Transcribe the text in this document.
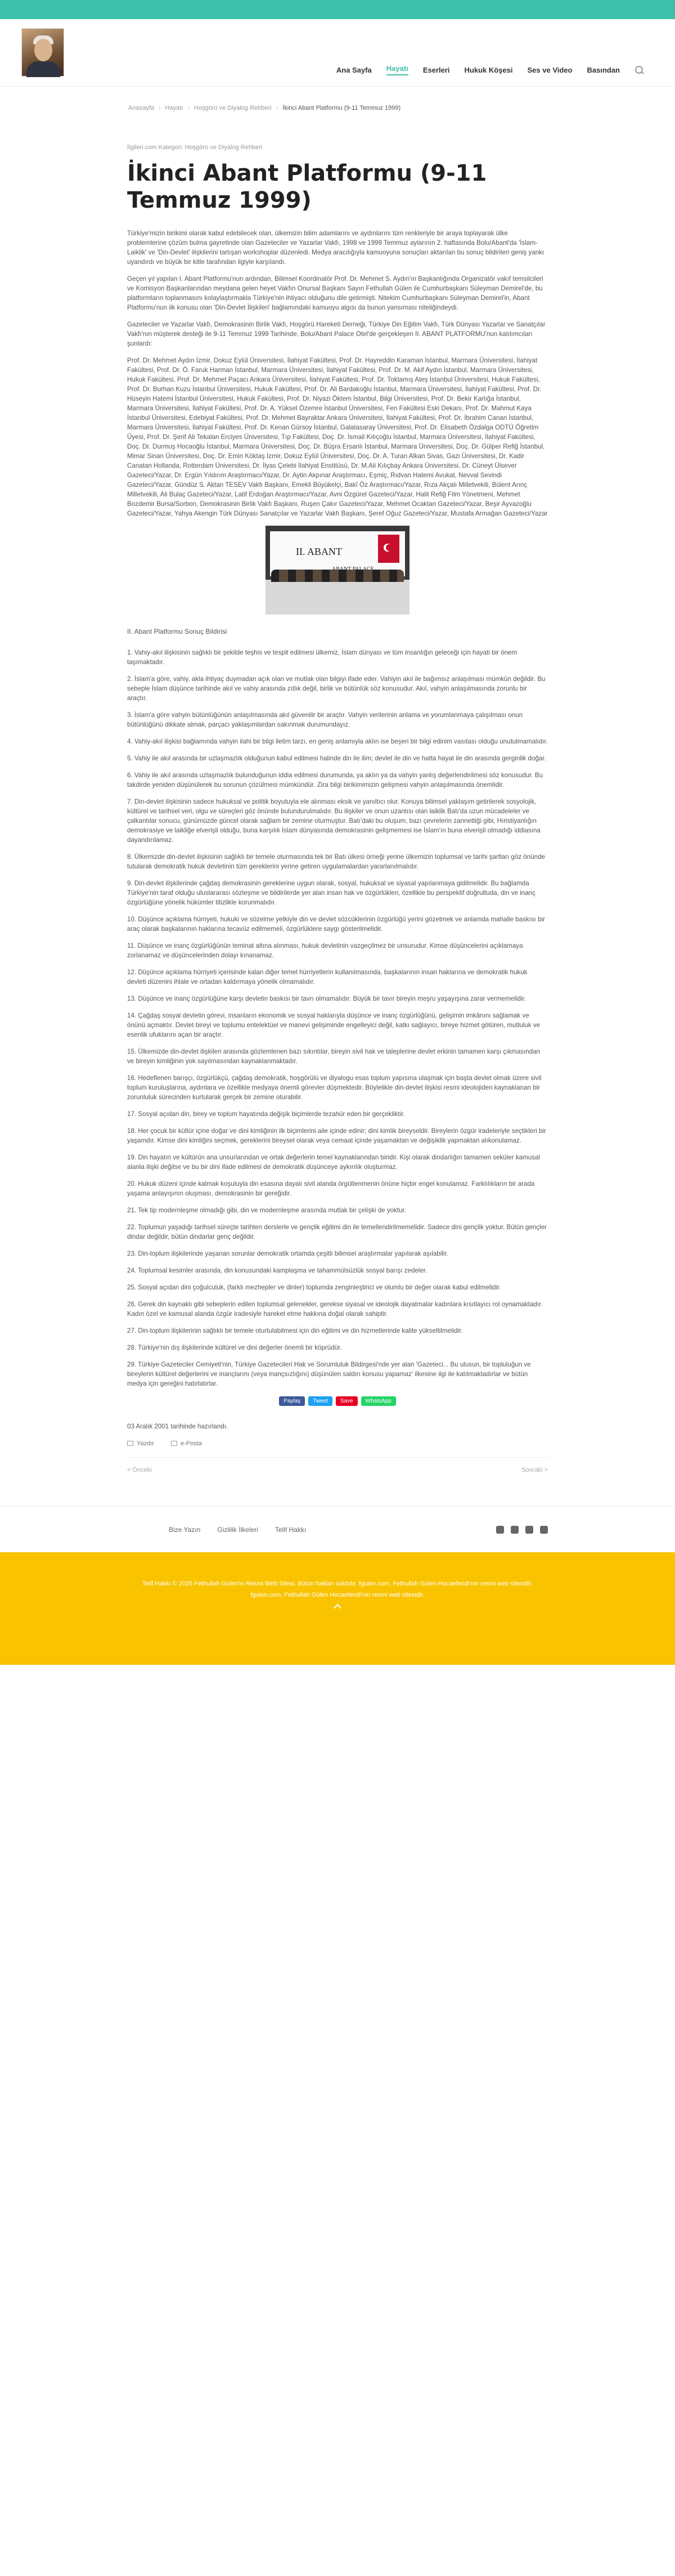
Ana Sayfa Hayatı Eserleri Hukuk Köşesi Ses ve Video Basından
Anasayfa › Hayatı › Hoşgörü ve Diyalog Rehberi › İkinci Abant Platformu (9-11 Temmuz 1999)
İlgileri.com Kategori: Hoşgörü ve Diyalog Rehberi
İkinci Abant Platformu (9-11 Temmuz 1999)

Türkiye'mizin birikimi olarak kabul edebilecek olan, ülkemizin bilim adamlarını ve aydınlarını tüm renkleriyle bir araya toplayarak ülke problemlerine çözüm bulma gayretinde olan Gazeteciler ve Yazarlar Vakfı, 1998 ve 1999 Temmuz aylarının 2. haftasında Bolu/Abant'da 'İslam-Laiklik' ve 'Din-Devlet' ilişkilerini tartışan workshoplar düzenledi. Medya aracılığıyla kamuoyuna sonuçları aktarılan bu sonuç bildirileri geniş yankı uyandırdı ve büyük bir kitle tarafından ilgiyle karşılandı.

Geçen yıl yapılan I. Abant Platformu'nun ardından, Bilimsel Koordinatör Prof. Dr. Mehmet S. Aydın'ın Başkanlığında Organizatör vakıf temsilcileri ve Komisyon Başkanlarından meydana gelen heyet Vakfın Onursal Başkanı Sayın Fethullah Gülen ile Cumhurbaşkanı Süleyman Demirel'de, bu platformların toplanmasını kolaylaştırmakla Türkiye'nin ihtiyacı olduğunu dile getirmişti. Nitekim Cumhurbaşkanı Süleyman Demirel'in, Abant Platformu'nun ilk konusu olan 'Din-Devlet İlişkileri' bağlamındaki kamuoyu algısı da bunun yansıması niteliğindeydi.

Gazeteciler ve Yazarlar Vakfı, Demokrasinin Birlik Vakfı, Hoşgörü Hareketi Derneği, Türkiye Din Eğitim Vakfı, Türk Dünyası Yazarlar ve Sanatçılar Vakfı'nın müşterek desteği ile 9-11 Temmuz 1999 Tarihinde, Bolu/Abant Palace Otel'de gerçekleşen II. ABANT PLATFORMU'nun katılımcıları şunlardı:

Prof. Dr. Mehmet Aydın İzmir, Dokuz Eylül Üniversitesi, İlahiyat Fakültesi, Prof. Dr. Hayreddin Karaman İstanbul, Marmara Üniversitesi, İlahiyat Fakültesi, Prof. Dr. Ö. Faruk Harman İstanbul, Marmara Üniversitesi, İlahiyat Fakültesi, Prof. Dr. M. Akif Aydın İstanbul, Marmara Üniversitesi, Hukuk Fakültesi, Prof. Dr. Mehmet Paçacı Ankara Üniversitesi, İlahiyat Fakültesi, Prof. Dr. Toktamış Ateş İstanbul Üniversitesi, Hukuk Fakültesi, Prof. Dr. Burhan Kuzu İstanbul Üniversitesi, Hukuk Fakültesi, Prof. Dr. Ali Bardakoğlu İstanbul, Marmara Üniversitesi, İlahiyat Fakültesi, Prof. Dr. Hüseyin Hatemi İstanbul Üniversitesi, Hukuk Fakültesi, Prof. Dr. Niyazi Öktem İstanbul, Bilgi Üniversitesi, Prof. Dr. Bekir Karlığa İstanbul, Marmara Üniversitesi, İlahiyat Fakültesi, Prof. Dr. A. Yüksel Özemre İstanbul Üniversitesi, Fen Fakültesi Eski Dekanı, Prof. Dr. Mahmut Kaya İstanbul Üniversitesi, Edebiyat Fakültesi, Prof. Dr. Mehmet Bayraktar Ankara Üniversitesi, İlahiyat Fakültesi, Prof. Dr. İbrahim Canan İstanbul, Marmara Üniversitesi, İlahiyat Fakültesi, Prof. Dr. Kenan Gürsoy İstanbul, Galatasaray Üniversitesi, Prof. Dr. Elisabeth Özdalga ODTÜ Öğretim Üyesi, Prof. Dr. Şerif Ali Tekalan Erciyes Üniversitesi, Tıp Fakültesi, Doç. Dr. İsmail Kılıçoğlu İstanbul, Marmara Üniversitesi, İlahiyat Fakültesi, Doç. Dr. Durmuş Hocaoğlu İstanbul, Marmara Üniversitesi, Doç. Dr. Büşra Ersanlı İstanbul, Marmara Üniversitesi, Doç. Dr. Gülper Refiğ İstanbul, Mimar Sinan Üniversitesi, Doç. Dr. Emin Köktaş İzmir, Dokuz Eylül Üniversitesi, Doç. Dr. A. Turan Alkan Sivas, Gazi Üniversitesi, Dr. Kadir Canatan Hollanda, Rotterdam Üniversitesi, Dr. İlyas Çelebi İlahiyat Enstitüsü, Dr. M.Ali Kılıçbay Ankara Üniversitesi, Dr. Cüneyt Ülsever Gazeteci/Yazar, Dr. Ergün Yıldırım Araştırmacı/Yazar, Dr. Aytin Akpınar Araştırmacı, Eşmiç, Rıdvan Hatemi Avukat, Nevval Sevindi Gazeteci/Yazar, Gündüz S. Aktan TESEV Vakfı Başkanı, Emekli Büyükelçi, Bakî Öz Araştırmacı/Yazar, Rıza Akçalı Milletvekili, Bülent Arınç Milletvekili, Ali Bulaç Gazeteci/Yazar, Latif Erdoğan Araştırmacı/Yazar, Avni Özgürel Gazeteci/Yazar, Halit Refiğ Film Yönetmeni, Mehmet Bozdemir Bursa/Sorbon, Demokrasinin Birlik Vakfı Başkanı, Ruşen Çakır Gazeteci/Yazar, Mehmet Ocaktan Gazeteci/Yazar, Beşir Ayvazoğlu Gazeteci/Yazar, Yahya Akengin Türk Dünyası Sanatçılar ve Yazarlar Vakfı Başkanı, Şeref Oğuz Gazeteci/Yazar, Mustafa Armağan Gazeteci/Yazar

II. ABANT

II. Abant Platformu Sonuç Bildirisi

1. Vahiy-akıl ilişkisinin sağlıklı bir şekilde teşhis ve tespit edilmesi ülkemiz, İslam dünyası ve tüm insanlığın geleceği için hayati bir önem taşımaktadır.

2. İslam'a göre, vahiy, akla ihtiyaç duymadan açık olan ve mutlak olan bilgiyi ifade eder. Vahiyin akıl ile bağımsız anlaşılması mümkün değildir. Bu sebeple İslam düşünce tarihinde akıl ve vahiy arasında zıtlık değil, birlik ve bütünlük söz konusudur. Akıl, vahyin anlaşılmasında zorunlu bir araçtır.

3. İslam'a göre vahyin bütünlüğünün anlaşılmasında akıl güvenilir bir araçtır. Vahyin verilerinin anlama ve yorumlanmaya çalışılması onun bütünlüğünü dikkate almak, parçacı yaklaşımlardan sakınmak durumundayız.

4. Vahiy-akıl ilişkisi bağlamında vahyin ilahi bir bilgi iletim tarzı, en geniş anlamıyla aklın ise beşeri bir bilgi edinim vasıtası olduğu unutulmamalıdır.

5. Vahiy ile akıl arasında bir uzlaşmazlık olduğunun kabul edilmesi halinde din ile ilim; devlet ile din ve hatta hayat ile din arasında gerginlik doğar.

6. Vahiy ile akıl arasında uzlaşmazlık bulunduğunun iddia edilmesi durumunda, ya aklın ya da vahyin yanlış değerlendirilmesi söz konusudur. Bu takdirde yeniden düşünülerek bu sorunun çözülmesi mümkündür. Zira bilgi birikimimizin gelişmesi vahyin anlaşılmasında önemlidir.

7. Din-devlet ilişkisinin sadece hukuksal ve politik boyutuyla ele alınması eksik ve yanıltıcı olur. Konuya bilimsel yaklaşım getirilerek sosyolojik, kültürel ve tarihsel veri, olgu ve süreçleri göz önünde bulundurulmalıdır. Bu ilişkiler ve onun uzantısı olan laiklik Batı'da uzun mücadeleler ve çalkantılar sonucu, günümüzde güncel olarak sağlam bir zemine oturmuştur. Batı'daki bu oluşum, bazı çevrelerin zannettiği gibi, Hıristiyanlığın demokrasiye ve laikliğe elverişli olduğu, buna karşılık İslam dünyasında demokrasinin gelişmemesi ise İslam'ın buna elverişli olmadığı iddiasına dayandırılamaz.

8. Ülkemizde din-devlet ilişkisinin sağlıklı bir temele oturmasında tek bir Batı ülkesi örneği yerine ülkemizin toplumsal ve tarihi şartları göz önünde tutularak demokratik hukuk devletinin tüm gereklerini yerine getiren uygulamalardan yararlanılmalıdır.

9. Din-devlet ilişkilerinde çağdaş demokrasinin gereklerine uygun olarak, sosyal, hukuksal ve siyasal yapılanmaya gidilmelidir. Bu bağlamda Türkiye'nin taraf olduğu uluslararası sözleşme ve bildirilerde yer alan insan hak ve özgürlükleri, özellikle bu perspektif doğrultuda, din ve inanç özgürlüğüne yönelik hükümler titizlikle korunmalıdır.

10. Düşünce açıklama hürriyeti, hukuki ve sözelme yetkiyle din ve devlet sözcüklerinin özgürlüğü yerini gözetmek ve anlamda mahalle baskısı bir araç olarak başkalarının haklarına tecavüz edilmemeli, özgürlüklere saygı gösterilmelidir.

11. Düşünce ve inanç özgürlüğünün teminat altına alınması, hukuk devletinin vazgeçilmez bir unsurudur. Kimse düşüncelerini açıklamaya zorlanamaz ve düşüncelerinden dolayı kınanamaz.

12. Düşünce açıklama hürriyeti içerisinde kalan diğer temel hürriyetlerin kullanılmasında, başkalarının insan haklarına ve demokratik hukuk devleti düzenini ihlale ve ortadan kaldırmaya yönelik olmamalıdır.

13. Düşünce ve inanç özgürlüğüne karşı devletin baskısı bir tavrı olmamalıdır. Büyük bir tavır bireyin meşru yaşayışına zarar vermemelidir.

14. Çağdaş sosyal devletin görevi, insanların ekonomik ve sosyal haklarıyla düşünce ve inanç özgürlüğünü, gelişimin imkânını sağlamak ve önünü açmaktır. Devlet bireyi ve toplumu entelektüel ve manevi gelişiminde engelleyici değil, katkı sağlayıcı, bireye hizmet götüren, mutluluk ve esenlik ufuklarını açan bir araçtır.

15. Ülkemizde din-devlet ilişkileri arasında gözlemlenen bazı sıkıntılar, bireyin sivil hak ve taleplerine devlet erkinin tamamen karşı çıkmasından ve bireyin kimliğinin yok sayılmasından kaynaklanmaktadır.

16. Hedeflenen barışçı, özgürlükçü, çağdaş demokratik, hoşgörülü ve diyalogu esas toplum yapısına ulaşmak için başta devlet olmak üzere sivil toplum kuruluşlarına, aydınlara ve özellikle medyaya önemli görevler düşmektedir. Böylelikle din-devlet ilişkisi resmi ideolojiden kaynaklanan bir zorunluluk sürecinden kurtularak gerçek bir zemine oturabilir.

17. Sosyal açıdan din, birey ve toplum hayatında değişik biçimlerde tezahür eden bir gerçekliktir.

18. Her çocuk bir kültür içine doğar ve dini kimliğinin ilk biçimlerini aile içinde edinir; dini kimlik bireyseldir. Bireylerin özgür iradeleriyle seçtikleri bir yaşamdır. Kimse dini kimliğini seçmek, gereklerini bireysel olarak veya cemaat içinde yaşamaktan ve değişiklik yapmaktan alıkonulamaz.

19. Din hayatın ve kültürün ana unsurlarından ve ortak değerlerin temel kaynaklarından biridir. Kişi olarak dindarlığın tamamen seküler kamusal alanla ilişki değilse ve bu bir dini ifade edilmesi de demokratik düşünceye aykırılık oluşturmaz.

20. Hukuk düzeni içinde kalmak koşuluyla din esasına dayalı sivil alanda örgütlenmenin önüne hiçbir engel konulamaz. Farklılıkların bir arada yaşama anlayışının oluşması, demokrasinin bir gereğidir.

21. Tek tip modernleşme olmadığı gibi, din ve modernleşme arasında mutlak bir çelişki de yoktur.

22. Toplumun yaşadığı tarihsel süreçte tarihten derslerle ve gençlik eğitimi din ile temellendirilmemelidir. Sadece dini gençlik yoktur. Bütün gençler dindar değildir, bütün dindarlar genç değildir.

23. Din-toplum ilişkilerinde yaşanan sorunlar demokratik ortamda çeşitli bilimsel araştırmalar yapılarak aşılabilir.

24. Toplumsal kesimler arasında, din konusundaki kamplaşma ve tahammülsüzlük sosyal barışı zedeler.

25. Sosyal açıdan dini çoğulculuk, (farklı mezhepler ve dinler) toplumda zenginleştirici ve olumlu bir değer olarak kabul edilmelidir.

26. Gerek din kaynaklı gibi sebeplerin edilen toplumsal gelenekler, gerekse siyasal ve ideolojik dayatmalar kadınlara kısıtlayıcı rol oynamaktadır. Kadın özel ve kamusal alanda özgür iradesiyle hareket etme hakkına doğal olarak sahiptir.

27. Din-toplum ilişkilerinin sağlıklı bir temele oturtulabilmesi için din eğitimi ve din hizmetlerinde kalite yükseltilmelidir.

28. Türkiye'nin dış ilişkilerinde kültürel ve dini değerler önemli bir köprüdür.

29. Türkiye Gazeteciler Cemiyeti'nin, Türkiye Gazetecileri Hak ve Sorumluluk Bildirgesi'nde yer alan 'Gazeteci... Bu ulusun, bir topluluğun ve bireylerin kültürel değerlerini ve inançlarını (veya inançsızlığını) düşünülen saldırı konusu yapamaz' ilkesine ilgi ile katılmaktadırlar ve bütün medya için gereğini hatırlatırlar.

Paylaş	Tweet	Save	WhatsApp

03 Aralık 2001 tarihinde hazırlandı.

Yazdır	e-Posta
< Önceki	Sonraki >
Bize Yazın	Gizlilik İlkeleri	Telif Hakkı

Telif Hakkı © 2025 Fethullah Gülen'in Resmi Web Sitesi. Bütün hakları saklıdır. fgulen.com, Fethullah Gülen Hocaefendi'nin resmi web sitesidir.

fgulen.com, Fethullah Gülen Hocaefendi'nin resmi web sitesidir.
